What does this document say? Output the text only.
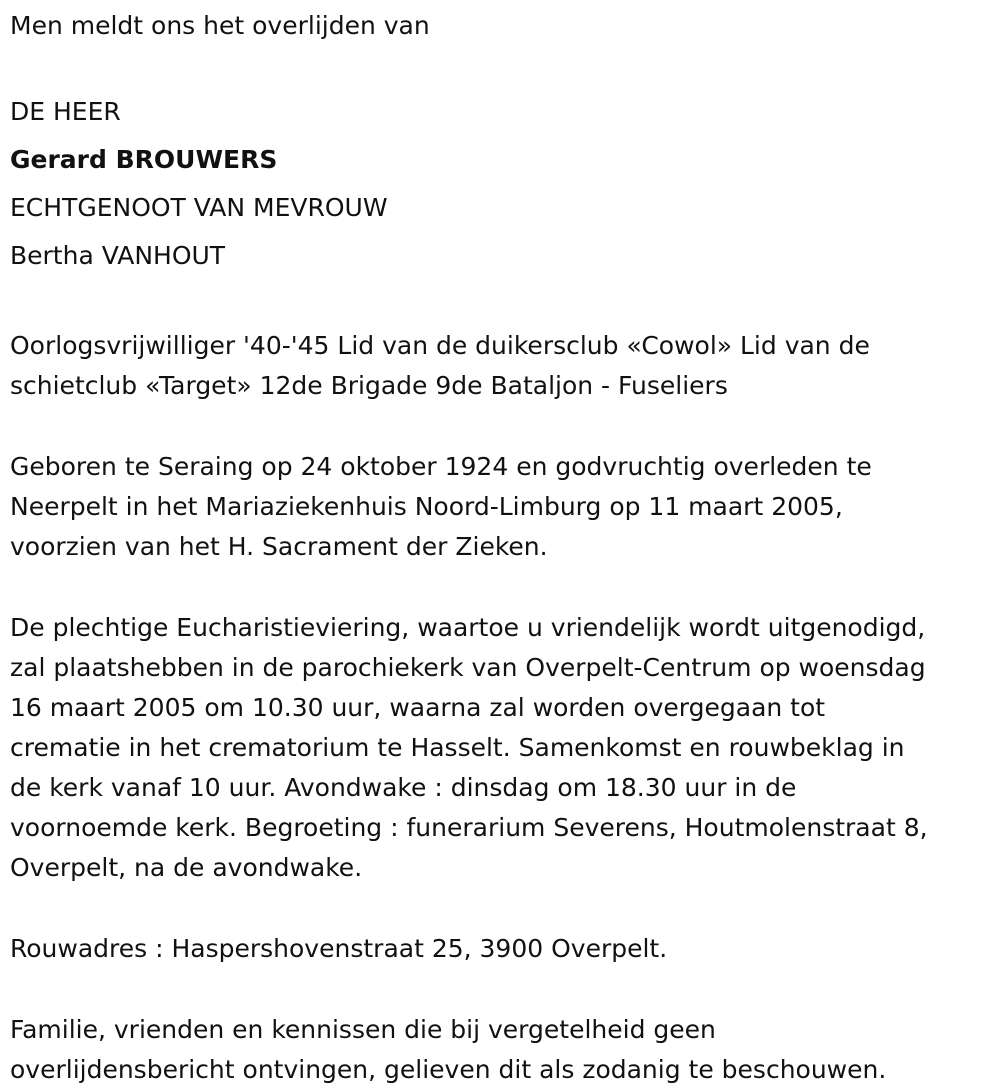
Men meldt ons het overlijden van

DE HEER

Gerard BROUWERS

ECHTGENOOT VAN MEVROUW

Bertha VANHOUT

Oorlogsvrijwilliger '40-'45 Lid van de duikersclub «Cowol» Lid van de

schietclub «Target» 12de Brigade 9de Bataljon - Fuseliers

Geboren te Seraing op 24 oktober 1924 en godvruchtig overleden te

Neerpelt in het Mariaziekenhuis Noord-Limburg op 11 maart 2005,

voorzien van het H. Sacrament der Zieken.

De plechtige Eucharistieviering, waartoe u vriendelijk wordt uitgenodigd,

zal plaatshebben in de parochiekerk van Overpelt-Centrum op woensdag

16 maart 2005 om 10.30 uur, waarna zal worden overgegaan tot

crematie in het crematorium te Hasselt. Samenkomst en rouwbeklag in

de kerk vanaf 10 uur. Avondwake : dinsdag om 18.30 uur in de

voornoemde kerk. Begroeting : funerarium Severens, Houtmolenstraat 8,

Overpelt, na de avondwake.

Rouwadres : Haspershovenstraat 25, 3900 Overpelt.

Familie, vrienden en kennissen die bij vergetelheid geen

overlijdensbericht ontvingen, gelieven dit als zodanig te beschouwen.
